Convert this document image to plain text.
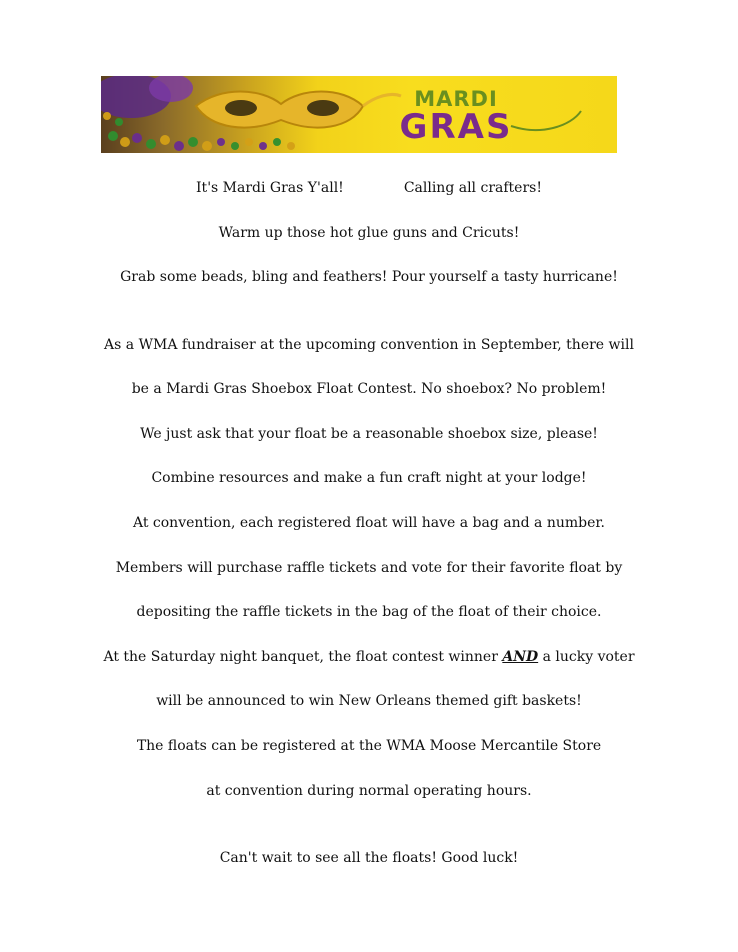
MARDI
GRAS
It's Mardi Gras Y'all!	Calling all crafters!
Warm up those hot glue guns and Cricuts!
Grab some beads, bling and feathers! Pour yourself a tasty hurricane!
As a WMA fundraiser at the upcoming convention in September, there will
be a Mardi Gras Shoebox Float Contest. No shoebox? No problem!
We just ask that your float be a reasonable shoebox size, please!
Combine resources and make a fun craft night at your lodge!
At convention, each registered float will have a bag and a number.
Members will purchase raffle tickets and vote for their favorite float by
depositing the raffle tickets in the bag of the float of their choice.
At the Saturday night banquet, the float contest winner AND a lucky voter
will be announced to win New Orleans themed gift baskets!
The floats can be registered at the WMA Moose Mercantile Store
at convention during normal operating hours.
Can't wait to see all the floats! Good luck!
